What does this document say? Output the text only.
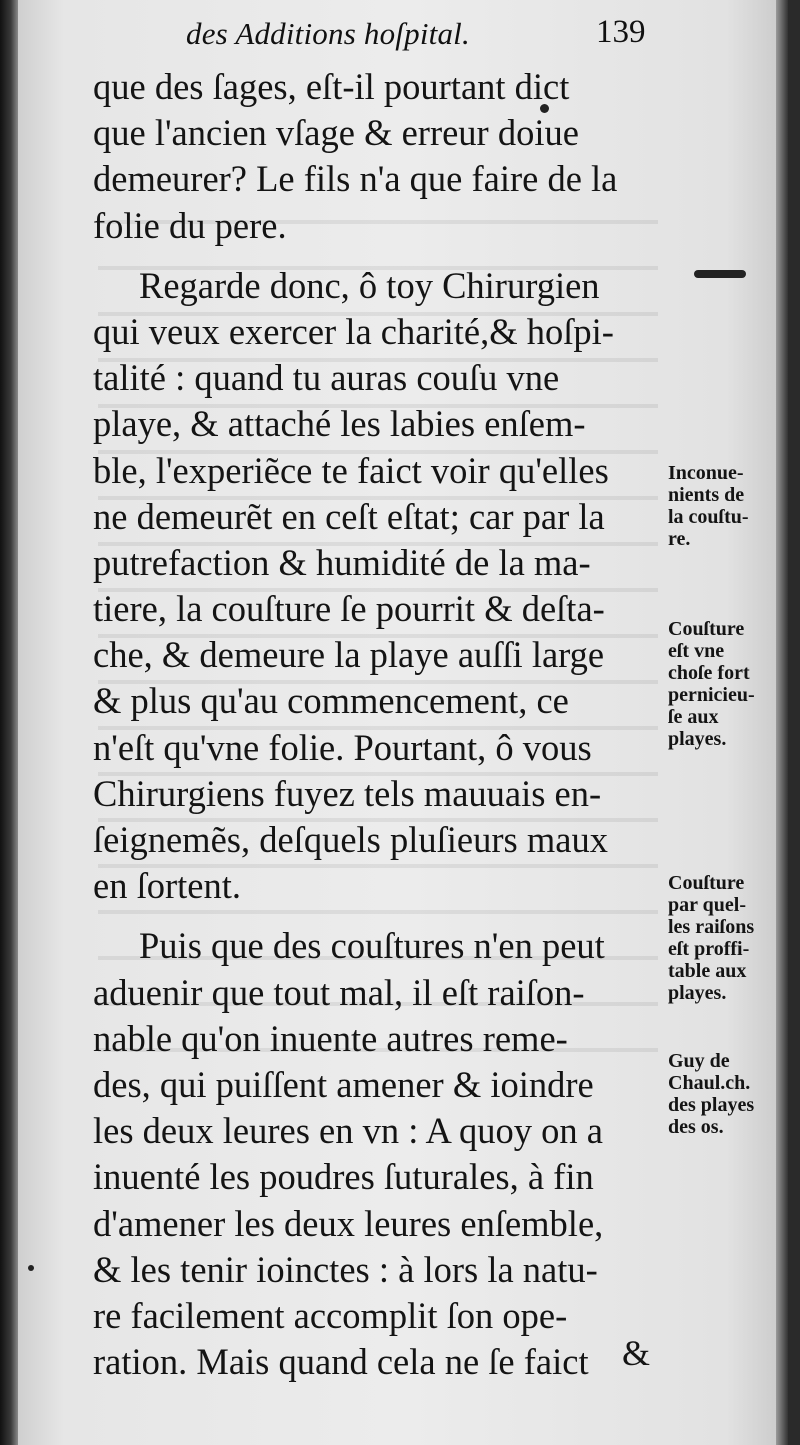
des Additions hoſpital.	139
que des ſages, eſt-il pourtant dict
que l'ancien vſage & erreur doiue
demeurer? Le fils n'a que faire de la
folie du pere.
Regarde donc, ô toy Chirurgien
qui veux exercer la charité,& hoſpi-
talité : quand tu auras couſu vne
playe, & attaché les labies enſem-
ble, l'experiẽce te faict voir qu'elles
ne demeurẽt en ceſt eſtat; car par la
putrefaction & humidité de la ma-
tiere, la couſture ſe pourrit & deſta-
che, & demeure la playe auſſi large
& plus qu'au commencement, ce
n'eſt qu'vne folie. Pourtant, ô vous
Chirurgiens fuyez tels mauuais en-
ſeignemẽs, deſquels pluſieurs maux
en ſortent.
Puis que des couſtures n'en peut
aduenir que tout mal, il eſt raiſon-
nable qu'on inuente autres reme-
des, qui puiſſent amener & ioindre
les deux leures en vn : A quoy on a
inuenté les poudres ſuturales, à fin
d'amener les deux leures enſemble,
& les tenir ioinctes : à lors la natu-
re facilement accomplit ſon ope-
ration. Mais quand cela ne ſe faict &
Inconue-
nients de
la couſtu-
re.
Couſture
eſt vne
choſe fort
pernicieu-
ſe aux
playes.
Couſture
par quel-
les raiſons
eſt proffi-
table aux
playes.
Guy de
Chaul.ch.
des playes
des os.
